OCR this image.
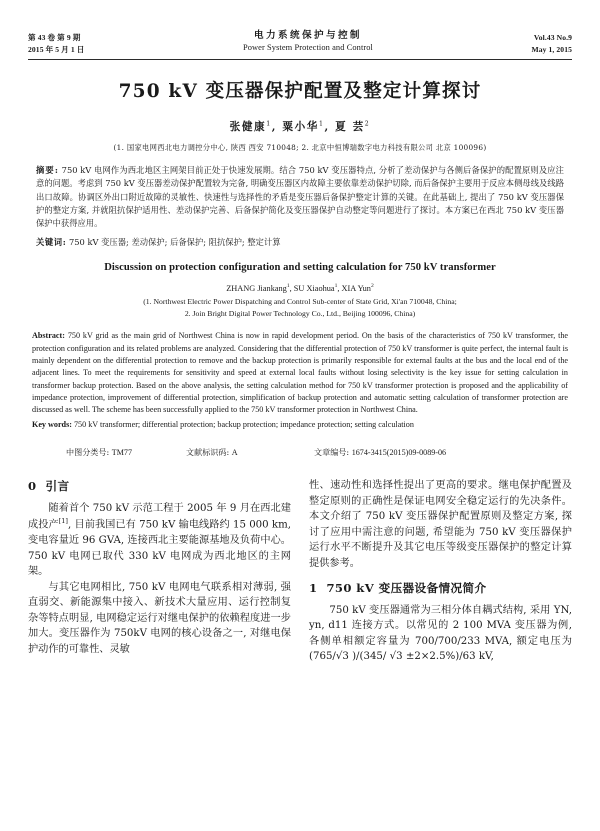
第 43 卷 第 9 期
2015 年 5 月 1 日
电力系统保护与控制
Power System Protection and Control
Vol.43 No.9
May 1, 2015
750 kV 变压器保护配置及整定计算探讨
张健康$^1$, 粟小华$^1$, 夏 芸$^2$
(1. 国家电网西北电力调控分中心, 陕西 西安 710048; 2. 北京中恒博瑞数字电力科技有限公司 北京 100096)
摘要: 750 kV 电网作为西北地区主网架目前正处于快速发展期。结合 750 kV 变压器特点, 分析了差动保护与各侧后备保护的配置原则及应注意的问题。考虑到 750 kV 变压器差动保护配置较为完备, 明确变压器区内故障主要依靠差动保护切除, 而后备保护主要用于反应本侧母线及线路出口故障。协调区外出口附近故障的灵敏性、快速性与选择性的矛盾是变压器后备保护整定计算的关键。在此基础上, 提出了 750 kV 变压器保护的整定方案, 并就阻抗保护适用性、差动保护完善、后备保护简化及变压器保护自动整定等问题进行了探讨。本方案已在西北 750 kV 变压器保护中获得应用。
关键词: 750 kV 变压器; 差动保护; 后备保护; 阻抗保护; 整定计算
Discussion on protection configuration and setting calculation for 750 kV transformer
ZHANG Jiankang$^1$, SU Xiaohua$^1$, XIA Yun$^2$
(1. Northwest Electric Power Dispatching and Control Sub-center of State Grid, Xi'an 710048, China;
2. Join Bright Digital Power Technology Co., Ltd., Beijing 100096, China)
Abstract: 750 kV grid as the main grid of Northwest China is now in rapid development period. On the basis of the characteristics of 750 kV transformer, the protection configuration and its related problems are analyzed. Considering that the differential protection of 750 kV transformer is quite perfect, the internal fault is mainly dependent on the differential protection to remove and the backup protection is primarily responsible for external faults at the bus and the local end of the adjacent lines. To meet the requirements for sensitivity and speed at external local faults without losing selectivity is the key issue for setting calculation in transformer backup protection. Based on the above analysis, the setting calculation method for 750 kV transformer protection is proposed and the applicability of impedance protection, improvement of differential protection, simplification of backup protection and automatic setting calculation of transformer protection are discussed as well. The scheme has been successfully applied to the 750 kV transformer protection in Northwest China.
Key words: 750 kV transformer; differential protection; backup protection; impedance protection; setting calculation
中图分类号: TM77	文献标识码: A	文章编号: 1674-3415(2015)09-0089-06
0 引言

随着首个 750 kV 示范工程于 2005 年 9 月在西北建成投产[1], 目前我国已有 750 kV 输电线路约 15 000 km, 变电容量近 96 GVA, 连接西北主要能源基地及负荷中心。750 kV 电网已取代 330 kV 电网成为西北地区的主网架。

与其它电网相比, 750 kV 电网电气联系相对薄弱, 强直弱交、新能源集中接入、新技术大量应用、运行控制复杂等特点明显, 电网稳定运行对继电保护的依赖程度进一步加大。变压器作为 750kV 电网的核心设备之一, 对继电保护动作的可靠性、灵敏

性、速动性和选择性提出了更高的要求。继电保护配置及整定原则的正确性是保证电网安全稳定运行的先决条件。本文介绍了 750 kV 变压器保护配置原则及整定方案, 探讨了应用中需注意的问题, 希望能为 750 kV 变压器保护运行水平不断提升及其它电压等级变压器保护的整定计算提供参考。

1 750 kV 变压器设备情况简介

750 kV 变压器通常为三相分体自耦式结构, 采用 YN, yn, d11 连接方式。以常见的 2 100 MVA 变压器为例, 各侧单相额定容量为 700/700/233 MVA, 额定电压为(765/√3 )/(345/ √3 ±2×2.5%)/63 kV,
